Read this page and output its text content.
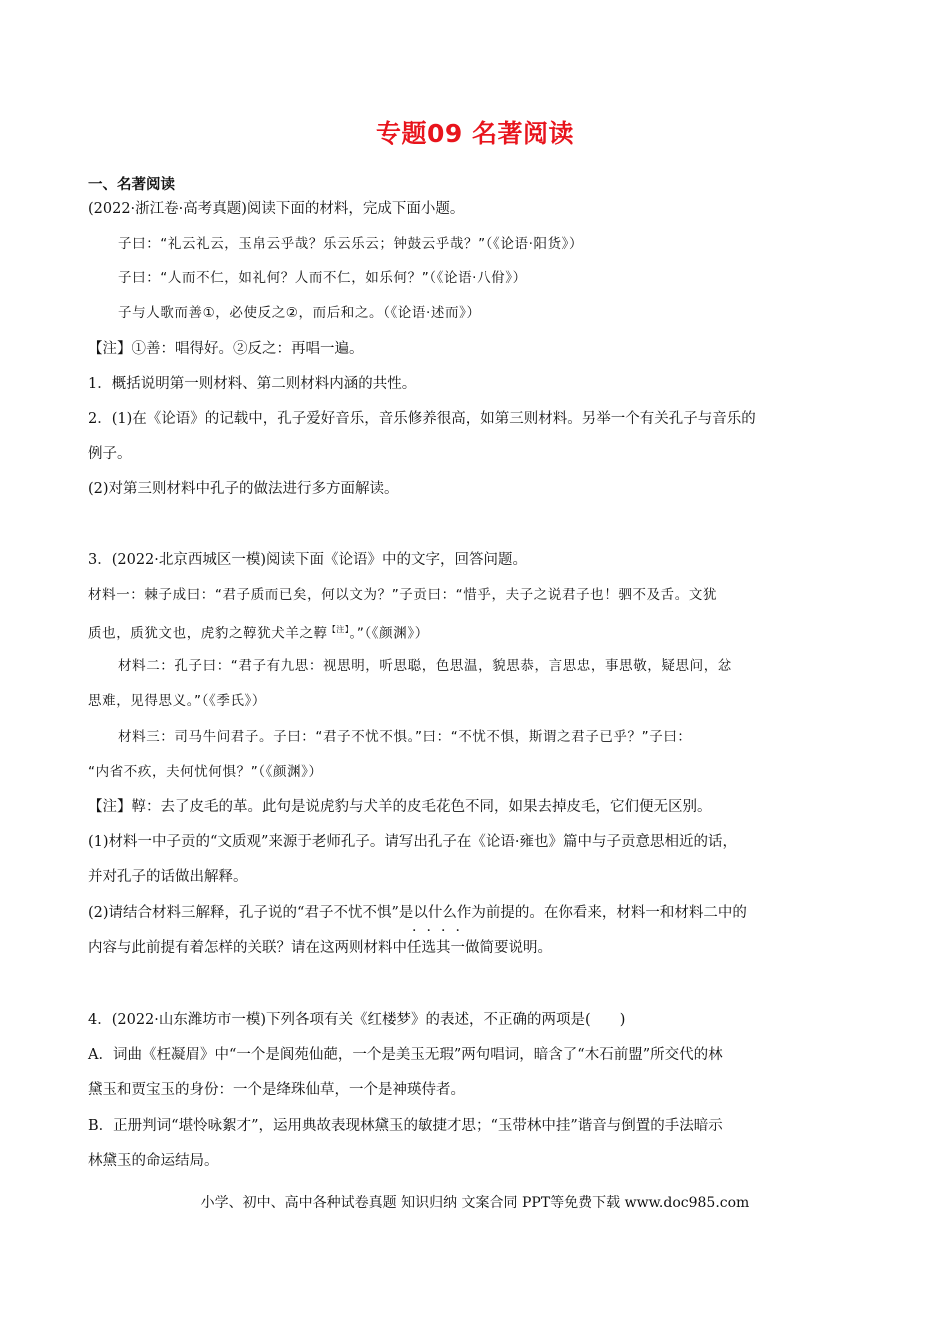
专题09 名著阅读
一、名著阅读
(2022·浙江卷·高考真题)阅读下面的材料，完成下面小题。
子曰：“礼云礼云，玉帛云乎哉？乐云乐云；钟鼓云乎哉？”（《论语·阳货》）
子曰：“人而不仁，如礼何？人而不仁，如乐何？”（《论语·八佾》）
子与人歌而善①，必使反之②，而后和之。（《论语·述而》）
【注】①善：唱得好。②反之：再唱一遍。
1．概括说明第一则材料、第二则材料内涵的共性。
2．(1)在《论语》的记载中，孔子爱好音乐，音乐修养很高，如第三则材料。另举一个有关孔子与音乐的
例子。
(2)对第三则材料中孔子的做法进行多方面解读。
3．(2022·北京西城区一模)阅读下面《论语》中的文字，回答问题。
材料一：棘子成曰：“君子质而已矣，何以文为？”子贡曰：“惜乎，夫子之说君子也！驷不及舌。文犹
质也，质犹文也，虎豹之鞟犹犬羊之鞟$^{【注】}$。”（《颜渊》）
材料二：孔子曰：“君子有九思：视思明，听思聪，色思温，貌思恭，言思忠，事思敬，疑思问，忿
思难，见得思义。”（《季氏》）
材料三：司马牛问君子。子曰：“君子不忧不惧。”曰：“不忧不惧，斯谓之君子已乎？”子曰：
“内省不疚，夫何忧何惧？”（《颜渊》）
【注】鞟：去了皮毛的革。此句是说虎豹与犬羊的皮毛花色不同，如果去掉皮毛，它们便无区别。
(1)材料一中子贡的“文质观”来源于老师孔子。请写出孔子在《论语·雍也》篇中与子贡意思相近的话，
并对孔子的话做出解释。
(2)请结合材料三解释，孔子说的“君子不忧不惧”是以什么作为前提的。在你看来，材料一和材料二中的
内容与此前提有着怎样的关联？请在这两则材料中任选其一做简要说明。
4．(2022·山东潍坊市一模)下列各项有关《红楼梦》的表述，不正确的两项是(　　)
A．词曲《枉凝眉》中“一个是阆苑仙葩，一个是美玉无瑕”两句唱词，暗含了“木石前盟”所交代的林
黛玉和贾宝玉的身份：一个是绛珠仙草，一个是神瑛侍者。
B．正册判词“堪怜咏絮才”，运用典故表现林黛玉的敏捷才思；“玉带林中挂”谐音与倒置的手法暗示
林黛玉的命运结局。
小学、初中、高中各种试卷真题 知识归纳 文案合同 PPT等免费下载 www.doc985.com
